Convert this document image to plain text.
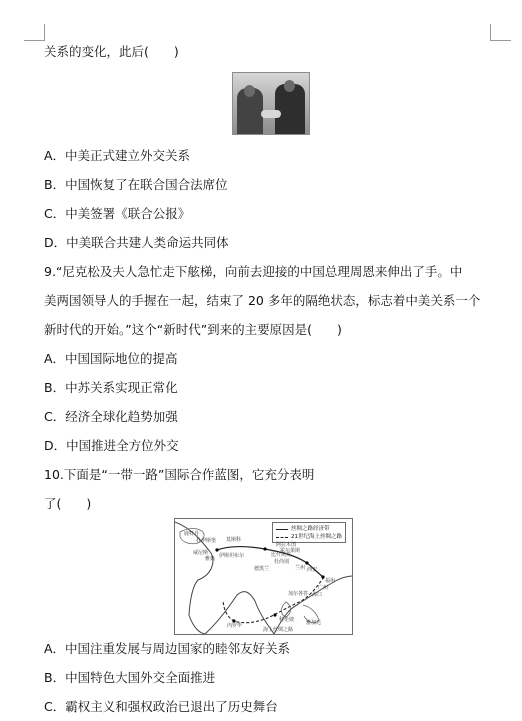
关系的变化，此后(　　)
A．中美正式建立外交关系
B．中国恢复了在联合国合法席位
C．中美签署《联合公报》
D．中美联合共建人类命运共同体
9.“尼克松及夫人急忙走下舷梯，向前去迎接的中国总理周恩来伸出了手。中
美两国领导人的手握在一起，结束了 20 多年的隔绝状态，标志着中美关系一个
新时代的开始。”这个“新时代”到来的主要原因是(　　)
A．中国国际地位的提高
B．中苏关系实现正常化
C．经济全球化趋势加强
D．中国推进全方位外交
10.下面是“一带一路”国际合作蓝图，它充分表明
了(　　)
丝绸之路经济带
21世纪海上丝绸之路
阿拉木图
比什凯克
杜尚别
德黑兰
伊斯坦布尔
莫斯科
兰州 西安
霍尔果斯
福州
广州
海口
科伦坡
加尔各答
内罗毕
雅典
威尼斯
鹿特丹
杜伊斯堡
雅加达
海上丝绸之路
A．中国注重发展与周边国家的睦邻友好关系
B．中国特色大国外交全面推进
C．霸权主义和强权政治已退出了历史舞台
